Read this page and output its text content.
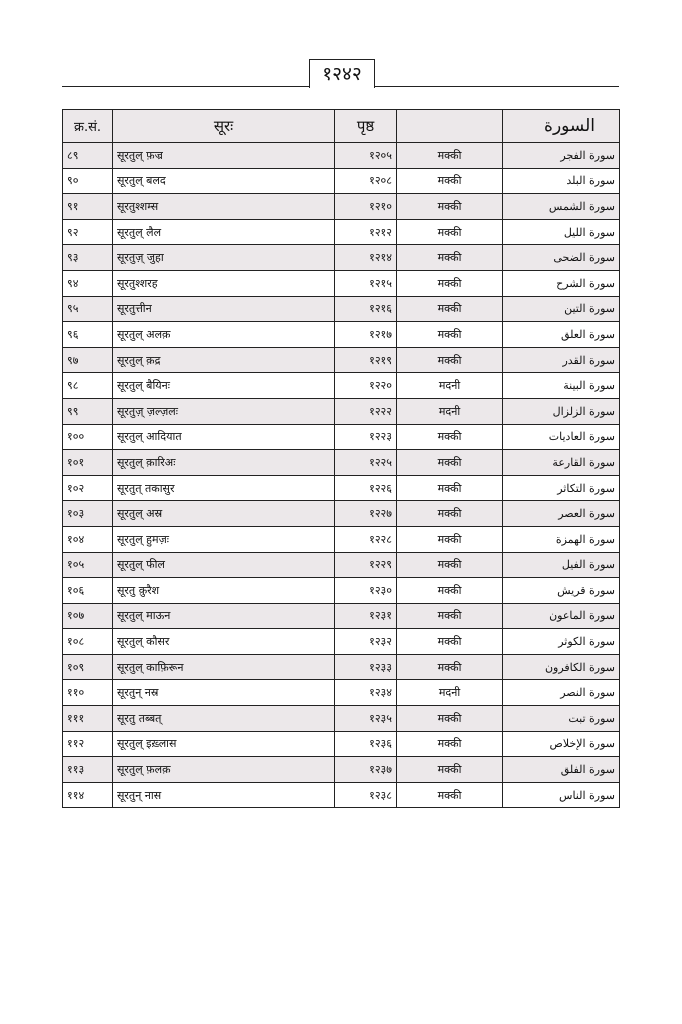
१२४२
क्र.सं.	सूरः	पृष्ठ		السورة
८९	सूरतुल् फ़ज्र	१२०५	मक्की	سورة الفجر
९०	सूरतुल् बलद	१२०८	मक्की	سورة البلد
९१	सूरतुश्शम्स	१२१०	मक्की	سورة الشمس
९२	सूरतुल् लैल	१२१२	मक्की	سورة الليل
९३	सूरतुज़् जुहा	१२१४	मक्की	سورة الضحى
९४	सूरतुश्शरह	१२१५	मक्की	سورة الشرح
९५	सूरतुत्तीन	१२१६	मक्की	سورة التين
९६	सूरतुल् अलक़	१२१७	मक्की	سورة العلق
९७	सूरतुल् क़द्र	१२१९	मक्की	سورة القدر
९८	सूरतुल् बैयिनः	१२२०	मदनी	سورة البينة
९९	सूरतुज़् ज़ल्ज़लः	१२२२	मदनी	سورة الزلزال
१००	सूरतुल् आदियात	१२२३	मक्की	سورة العاديات
१०१	सूरतुल् क़ारिअः	१२२५	मक्की	سورة القارعة
१०२	सूरतुत् तकासुर	१२२६	मक्की	سورة التكاثر
१०३	सूरतुल् अस्र	१२२७	मक्की	سورة العصر
१०४	सूरतुल् हुमज़ः	१२२८	मक्की	سورة الهمزة
१०५	सूरतुल् फील	१२२९	मक्की	سورة الفيل
१०६	सूरतु क़ुरैश	१२३०	मक्की	سورة قريش
१०७	सूरतुल् माऊन	१२३१	मक्की	سورة الماعون
१०८	सूरतुल् कौसर	१२३२	मक्की	سورة الكوثر
१०९	सूरतुल् काफ़िरून	१२३३	मक्की	سورة الكافرون
११०	सूरतुन् नस्र	१२३४	मदनी	سورة النصر
१११	सूरतु तब्बत्	१२३५	मक्की	سورة تبت
११२	सूरतुल् इख़्लास	१२३६	मक्की	سورة الإخلاص
११३	सूरतुल् फ़लक़	१२३७	मक्की	سورة الفلق
११४	सूरतुन् नास	१२३८	मक्की	سورة الناس
